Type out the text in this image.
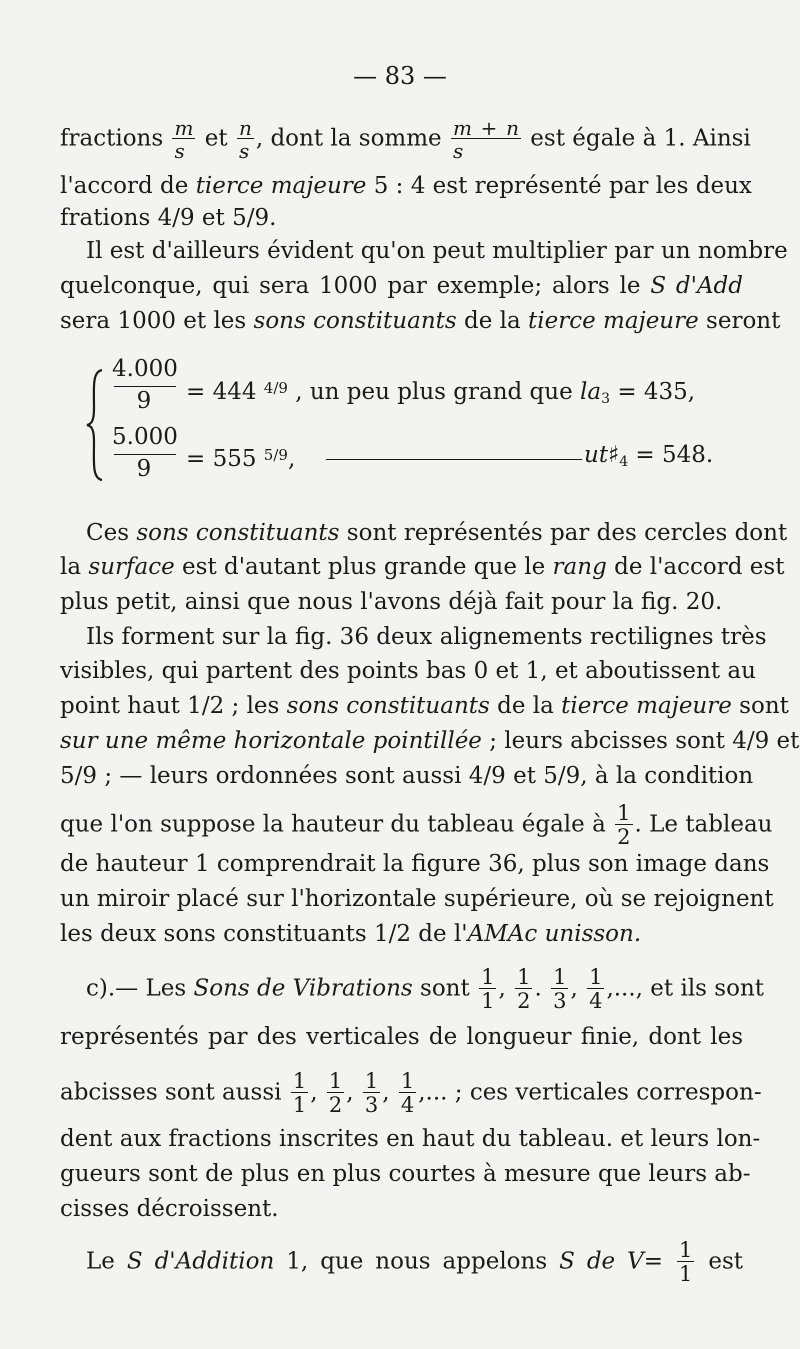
— 83 —
fractions $\frac{m}{s}$ et $\frac{n}{s}$ , dont la somme $\frac{m + n}{s}$ est égale à 1. Ainsi
l'accord de tierce majeure 5 : 4 est représenté par les deux
frations 4/9 et 5/9.
Il est d'ailleurs évident qu'on peut multiplier par un nombre
quelconque, qui sera 1000 par exemple; alors le S d'Add
sera 1000 et les sons constituants de la tierce majeure seront
4.000
9	= 444 $^{4/9}$ , un peu plus grand que $la_3 = 435$,
5.000
9	= 555 $^{5/9}$,	$ut♯_4 = 548$.
Ces sons constituants sont représentés par des cercles dont
la surface est d'autant plus grande que le rang de l'accord est
plus petit, ainsi que nous l'avons déjà fait pour la fig. 20.
Ils forment sur la fig. 36 deux alignements rectilignes très
visibles, qui partent des points bas 0 et 1, et aboutissent au
point haut 1/2 ; les sons constituants de la tierce majeure sont
sur une même horizontale pointillée ; leurs abcisses sont 4/9 et
5/9 ; — leurs ordonnées sont aussi 4/9 et 5/9, à la condition
que l'on suppose la hauteur du tableau égale à $\frac{1}{2}$ . Le tableau
de hauteur 1 comprendrait la figure 36, plus son image dans
un miroir placé sur l'horizontale supérieure, où se rejoignent
les deux sons constituants 1/2 de l'AMAc unisson.
c).— Les Sons de Vibrations sont $\frac{1}{1}$ , $\frac{1}{2}$ . $\frac{1}{3}$ , $\frac{1}{4}$ ,..., et ils sont
représentés par des verticales de longueur finie, dont les
abcisses sont aussi $\frac{1}{1}$ , $\frac{1}{2}$ , $\frac{1}{3}$ , $\frac{1}{4}$ ,... ; ces verticales correspon-
dent aux fractions inscrites en haut du tableau. et leurs lon-
gueurs sont de plus en plus courtes à mesure que leurs ab-
cisses décroissent.
Le S d'Addition 1, que nous appelons S de $V= \frac{1}{1}$ est
